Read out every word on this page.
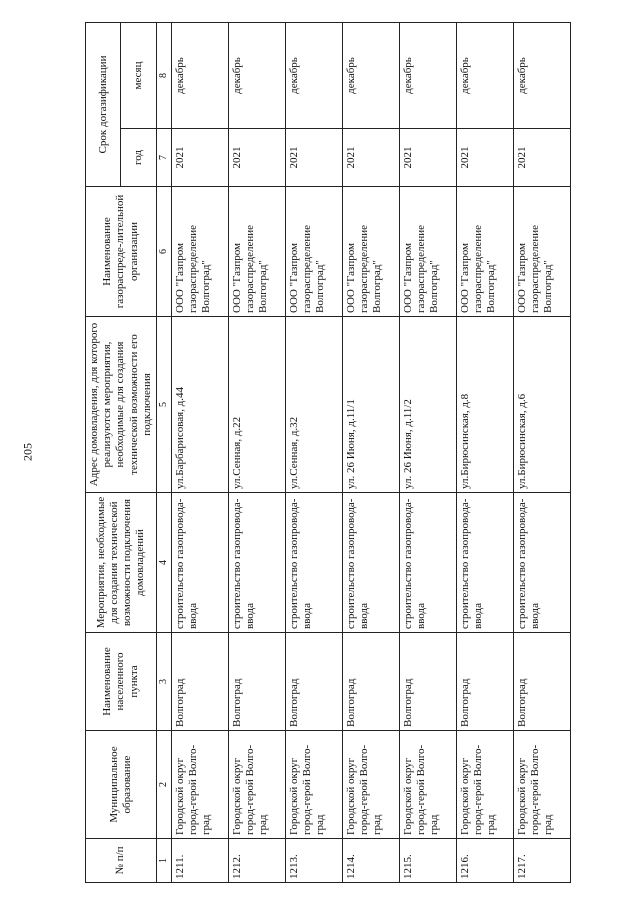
205
№ п/п	Муниципальное образование	Наименование населенного пункта	Мероприятия, необходимые для создания технической возможности подключения домовладений	Адрес домовладения, для которого реализуются мероприятия, необходимые для создания технической возможности его подключения	Наименование газораспреде-лительной организации	Срок догазификации	
						год	месяц
1	2	3	4	5	6	7	8
1211.	Городской округ город-герой Волго-град	Волгоград	строительство газопровода-ввода	ул.Барбарисовая, д.44	ООО "Газпром газораспределение Волгоград"	2021	декабрь
1212.	Городской округ город-герой Волго-град	Волгоград	строительство газопровода-ввода	ул.Сенная, д.22	ООО "Газпром газораспределение Волгоград"	2021	декабрь
1213.	Городской округ город-герой Волго-град	Волгоград	строительство газопровода-ввода	ул.Сенная, д.32	ООО "Газпром газораспределение Волгоград"	2021	декабрь
1214.	Городской округ город-герой Волго-град	Волгоград	строительство газопровода-ввода	ул. 26 Июня, д.11/1	ООО "Газпром газораспределение Волгоград"	2021	декабрь
1215.	Городской округ город-герой Волго-град	Волгоград	строительство газопровода-ввода	ул. 26 Июня, д.11/2	ООО "Газпром газораспределение Волгоград"	2021	декабрь
1216.	Городской округ город-герой Волго-град	Волгоград	строительство газопровода-ввода	ул.Бирюсинская, д.8	ООО "Газпром газораспределение Волгоград"	2021	декабрь
1217.	Городской округ город-герой Волго-град	Волгоград	строительство газопровода-ввода	ул.Бирюсинская, д.6	ООО "Газпром газораспределение Волгоград"	2021	декабрь
